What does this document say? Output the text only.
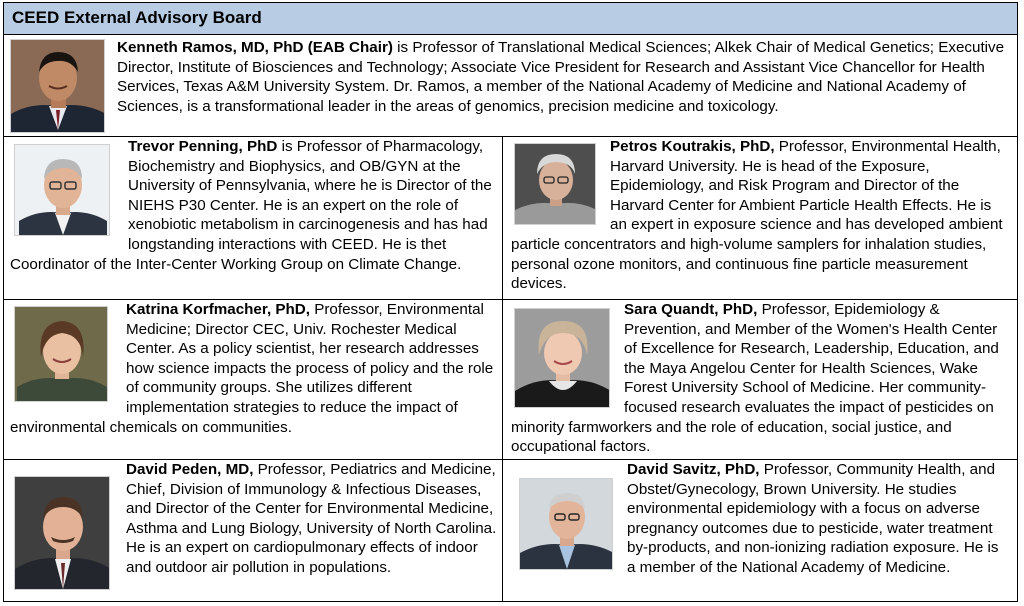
CEED External Advisory Board

Kenneth Ramos, MD, PhD (EAB Chair) is Professor of Translational Medical Sciences; Alkek Chair of Medical Genetics; Executive Director, Institute of Biosciences and Technology; Associate Vice President for Research and Assistant Vice Chancellor for Health Services, Texas A&M University System. Dr. Ramos, a member of the National Academy of Medicine and National Academy of Sciences, is a transformational leader in the areas of genomics, precision medicine and toxicology.

Trevor Penning, PhD is Professor of Pharmacology, Biochemistry and Biophysics, and OB/GYN at the University of Pennsylvania, where he is Director of the NIEHS P30 Center. He is an expert on the role of xenobiotic metabolism in carcinogenesis and has had longstanding interactions with CEED. He is thet Coordinator of the Inter-Center Working Group on Climate Change.

Petros Koutrakis, PhD, Professor, Environmental Health, Harvard University. He is head of the Exposure, Epidemiology, and Risk Program and Director of the Harvard Center for Ambient Particle Health Effects. He is an expert in exposure science and has developed ambient particle concentrators and high-volume samplers for inhalation studies, personal ozone monitors, and continuous fine particle measurement devices.

Katrina Korfmacher, PhD, Professor, Environmental Medicine; Director CEC, Univ. Rochester Medical Center. As a policy scientist, her research addresses how science impacts the process of policy and the role of community groups. She utilizes different implementation strategies to reduce the impact of environmental chemicals on communities.

Sara Quandt, PhD, Professor, Epidemiology & Prevention, and Member of the Women's Health Center of Excellence for Research, Leadership, Education, and the Maya Angelou Center for Health Sciences, Wake Forest University School of Medicine. Her community-focused research evaluates the impact of pesticides on minority farmworkers and the role of education, social justice, and occupational factors.

David Peden, MD, Professor, Pediatrics and Medicine, Chief, Division of Immunology & Infectious Diseases, and Director of the Center for Environmental Medicine, Asthma and Lung Biology, University of North Carolina. He is an expert on cardiopulmonary effects of indoor and outdoor air pollution in populations.

David Savitz, PhD, Professor, Community Health, and Obstet/Gynecology, Brown University. He studies environmental epidemiology with a focus on adverse pregnancy outcomes due to pesticide, water treatment by-products, and non-ionizing radiation exposure. He is a member of the National Academy of Medicine.
